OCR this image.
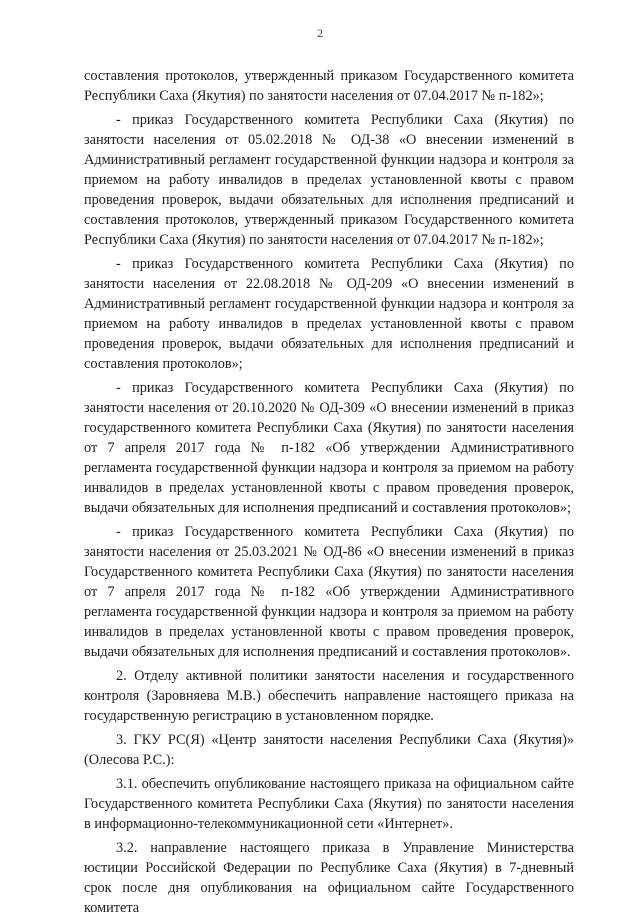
2

составления протоколов, утвержденный приказом Государственного комитета Республики Саха (Якутия) по занятости населения от 07.04.2017 № п-182»;

- приказ Государственного комитета Республики Саха (Якутия) по занятости населения от 05.02.2018 № ОД-38 «О внесении изменений в Административный регламент государственной функции надзора и контроля за приемом на работу инвалидов в пределах установленной квоты с правом проведения проверок, выдачи обязательных для исполнения предписаний и составления протоколов, утвержденный приказом Государственного комитета Республики Саха (Якутия) по занятости населения от 07.04.2017 № п-182»;

- приказ Государственного комитета Республики Саха (Якутия) по занятости населения от 22.08.2018 № ОД-209 «О внесении изменений в Административный регламент государственной функции надзора и контроля за приемом на работу инвалидов в пределах установленной квоты с правом проведения проверок, выдачи обязательных для исполнения предписаний и составления протоколов»;

- приказ Государственного комитета Республики Саха (Якутия) по занятости населения от 20.10.2020 № ОД-309 «О внесении изменений в приказ государственного комитета Республики Саха (Якутия) по занятости населения от 7 апреля 2017 года № п-182 «Об утверждении Административного регламента государственной функции надзора и контроля за приемом на работу инвалидов в пределах установленной квоты с правом проведения проверок, выдачи обязательных для исполнения предписаний и составления протоколов»;

- приказ Государственного комитета Республики Саха (Якутия) по занятости населения от 25.03.2021 № ОД-86 «О внесении изменений в приказ Государственного комитета Республики Саха (Якутия) по занятости населения от 7 апреля 2017 года № п-182 «Об утверждении Административного регламента государственной функции надзора и контроля за приемом на работу инвалидов в пределах установленной квоты с правом проведения проверок, выдачи обязательных для исполнения предписаний и составления протоколов».

2. Отделу активной политики занятости населения и государственного контроля (Заровняева М.В.) обеспечить направление настоящего приказа на государственную регистрацию в установленном порядке.

3. ГКУ РС(Я) «Центр занятости населения Республики Саха (Якутия)» (Олесова Р.С.):

3.1. обеспечить опубликование настоящего приказа на официальном сайте Государственного комитета Республики Саха (Якутия) по занятости населения в информационно-телекоммуникационной сети «Интернет».

3.2. направление настоящего приказа в Управление Министерства юстиции Российской Федерации по Республике Саха (Якутия) в 7-дневный срок после дня опубликования на официальном сайте Государственного комитета
